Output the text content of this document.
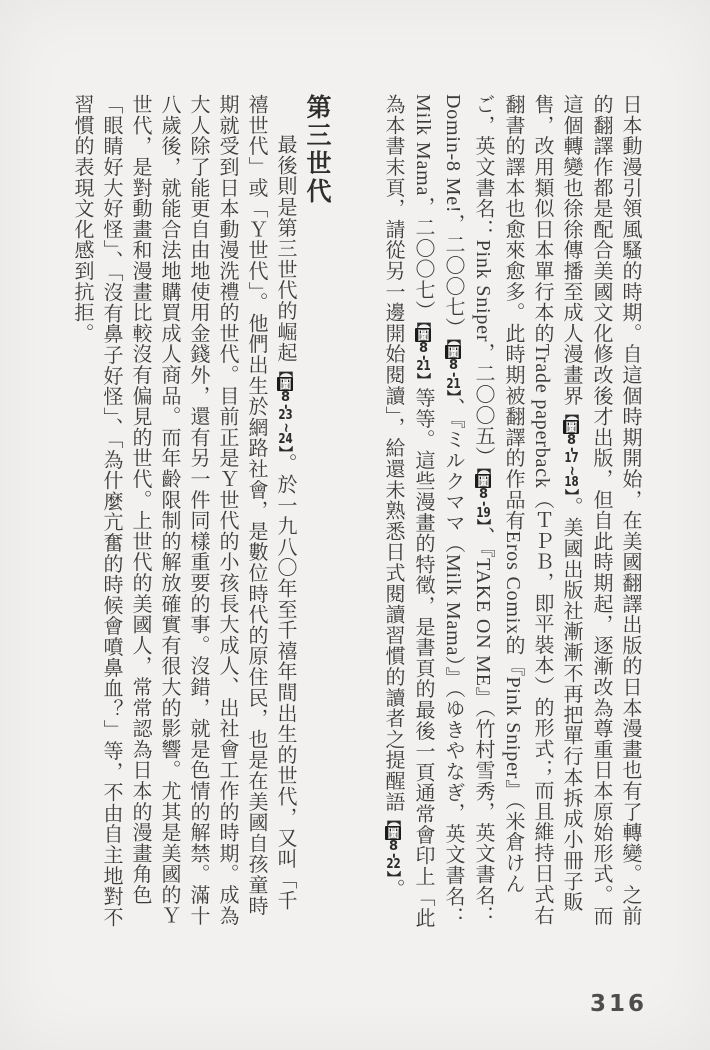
日本動漫引領風騷的時期。自這個時期開始，在美國翻譯出版的日本漫畫也有了轉變。之前的翻譯作都是配合美國文化修改後才出版，但自此時期起，逐漸改為尊重日本原始形式。而這個轉變也徐徐傳播至成人漫畫界【圖8-17~18】。美國出版社漸漸不再把單行本拆成小冊子販售，改用類似日本單行本的Trade paperback（ＴＰＢ，即平裝本）的形式；而且維持日式右翻書的譯本也愈來愈多。此時期被翻譯的作品有Eros Comix的『Pink Sniper』（米倉けんご，英文書名：Pink Sniper，二〇〇五）【圖8-19】、『TAKE ON ME』（竹村雪秀，英文書名：Domin-8 Me!，二〇〇七）【圖8-21】、『ミルクママ（Milk Mama）』（ゆきやなぎ，英文書名：Milk Mama，二〇〇七）【圖8-21】等等。這些漫畫的特徵，是書頁的最後一頁通常會印上「此為本書末頁，請從另一邊開始閱讀」，給還未熟悉日式閱讀習慣的讀者之提醒語【圖8-22】。

第三世代

最後則是第三世代的崛起【圖8-23~24】。於一九八〇年至千禧年間出生的世代，又叫「千禧世代」或「Ｙ世代」。他們出生於網路社會，是數位時代的原住民，也是在美國自孩童時期就受到日本動漫洗禮的世代。目前正是Ｙ世代的小孩長大成人、出社會工作的時期。成為大人除了能更自由地使用金錢外，還有另一件同樣重要的事。沒錯，就是色情的解禁。滿十八歲後，就能合法地購買成人商品。而年齡限制的解放確實有很大的影響。尤其是美國的Ｙ世代，是對動畫和漫畫比較沒有偏見的世代。上世代的美國人，常常認為日本的漫畫角色「眼睛好大好怪」、「沒有鼻子好怪」、「為什麼亢奮的時候會噴鼻血？」等，不由自主地對不習慣的表現文化感到抗拒。

316
